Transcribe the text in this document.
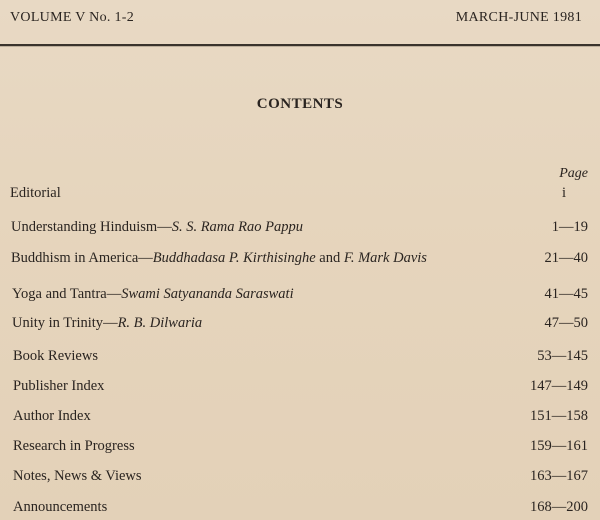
VOLUME V No. 1-2	MARCH-JUNE 1981
CONTENTS
Page
Editorial	i
Understanding Hinduism—S. S. Rama Rao Pappu	1—19
Buddhism in America—Buddhadasa P. Kirthisinghe and F. Mark Davis	21—40
Yoga and Tantra—Swami Satyananda Saraswati	41—45
Unity in Trinity—R. B. Dilwaria	47—50
Book Reviews	53—145
Publisher Index	147—149
Author Index	151—158
Research in Progress	159—161
Notes, News & Views	163—167
Announcements	168—200
